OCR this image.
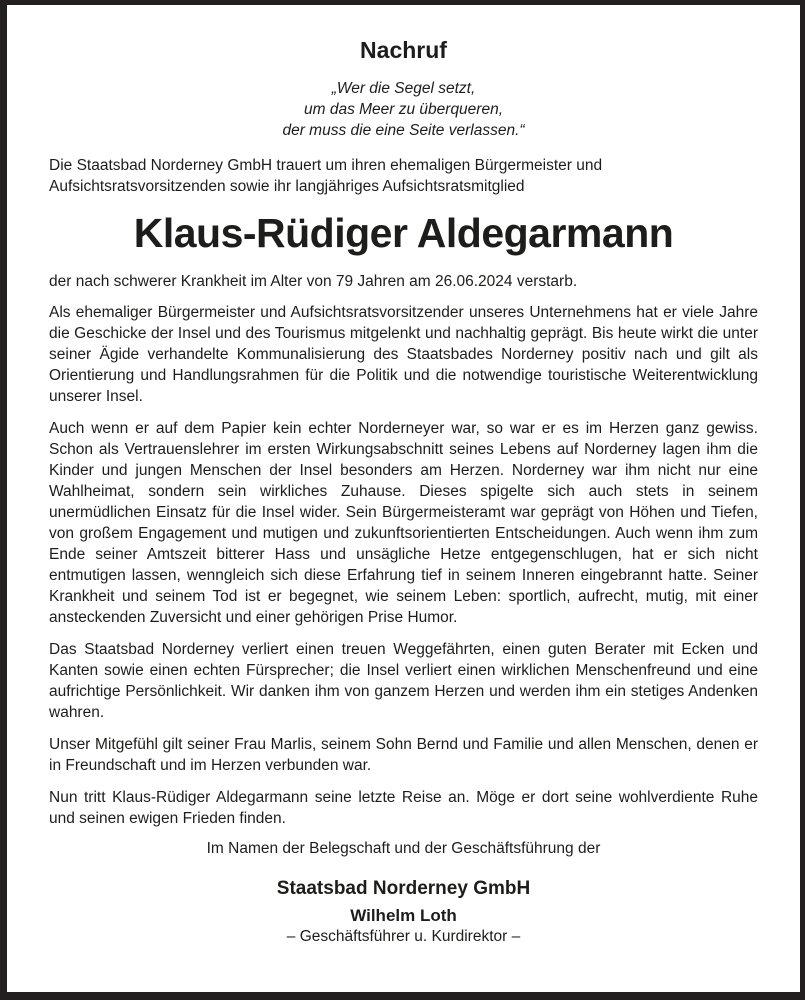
Nachruf
„Wer die Segel setzt,
um das Meer zu überqueren,
der muss die eine Seite verlassen.“
Die Staatsbad Norderney GmbH trauert um ihren ehemaligen Bürgermeister und Aufsichtsratsvorsitzenden sowie ihr langjähriges Aufsichtsratsmitglied
Klaus-Rüdiger Aldegarmann
der nach schwerer Krankheit im Alter von 79 Jahren am 26.06.2024 verstarb.

Als ehemaliger Bürgermeister und Aufsichtsratsvorsitzender unseres Unternehmens hat er viele Jahre die Geschicke der Insel und des Tourismus mitgelenkt und nachhaltig geprägt. Bis heute wirkt die unter seiner Ägide verhandelte Kommunalisierung des Staatsbades Norderney positiv nach und gilt als Orientierung und Handlungsrahmen für die Politik und die notwendige touristische Weiterentwicklung unserer Insel.

Auch wenn er auf dem Papier kein echter Norderneyer war, so war er es im Herzen ganz gewiss. Schon als Vertrauenslehrer im ersten Wirkungsabschnitt seines Lebens auf Norderney lagen ihm die Kinder und jungen Menschen der Insel besonders am Herzen. Norderney war ihm nicht nur eine Wahlheimat, sondern sein wirkliches Zuhause. Dieses spigelte sich auch stets in seinem unermüdlichen Einsatz für die Insel wider. Sein Bürgermeisteramt war geprägt von Höhen und Tiefen, von großem Engagement und mutigen und zukunftsorientierten Entscheidungen. Auch wenn ihm zum Ende seiner Amtszeit bitterer Hass und unsägliche Hetze entgegenschlugen, hat er sich nicht entmutigen lassen, wenngleich sich diese Erfahrung tief in seinem Inneren eingebrannt hatte. Seiner Krankheit und seinem Tod ist er begegnet, wie seinem Leben: sportlich, aufrecht, mutig, mit einer ansteckenden Zuversicht und einer gehörigen Prise Humor.

Das Staatsbad Norderney verliert einen treuen Weggefährten, einen guten Berater mit Ecken und Kanten sowie einen echten Fürsprecher; die Insel verliert einen wirklichen Menschenfreund und eine aufrichtige Persönlichkeit. Wir danken ihm von ganzem Herzen und werden ihm ein stetiges Andenken wahren.

Unser Mitgefühl gilt seiner Frau Marlis, seinem Sohn Bernd und Familie und allen Menschen, denen er in Freundschaft und im Herzen verbunden war.

Nun tritt Klaus-Rüdiger Aldegarmann seine letzte Reise an. Möge er dort seine wohlverdiente Ruhe und seinen ewigen Frieden finden.

Im Namen der Belegschaft und der Geschäftsführung der
Staatsbad Norderney GmbH
Wilhelm Loth
– Geschäftsführer u. Kurdirektor –
